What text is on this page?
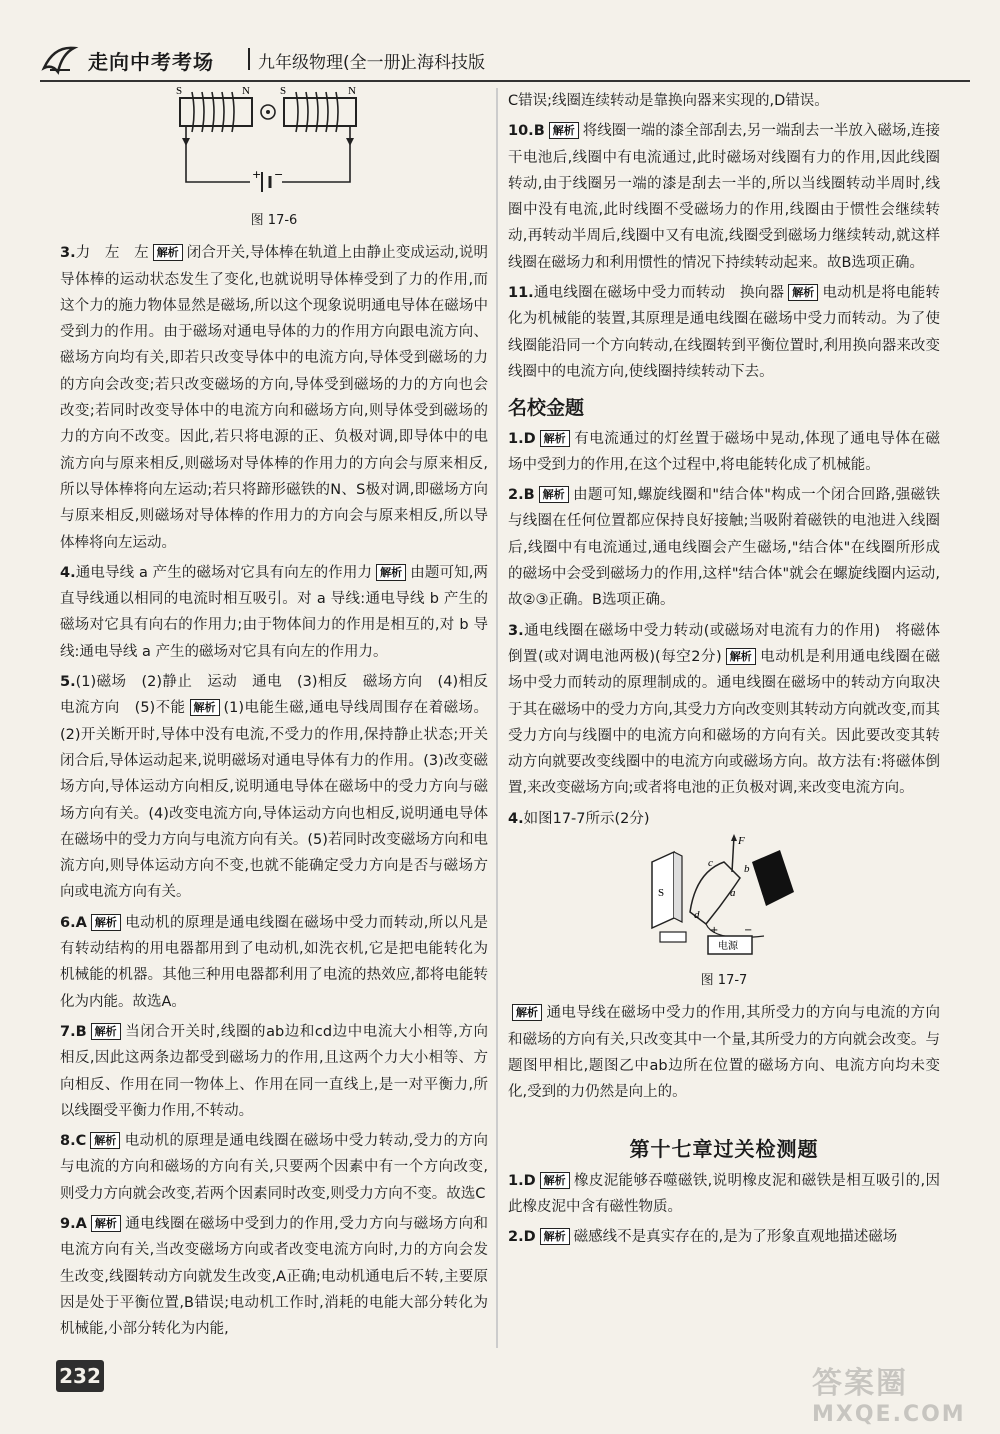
走向中考考场	九年级物理(全一册)
上海科技版
S	N	S	N
+ −
图 17-6

3.力　左　左 解析 闭合开关,导体棒在轨道上由静止变成运动,说明导体棒的运动状态发生了变化,也就说明导体棒受到了力的作用,而这个力的施力物体显然是磁场,所以这个现象说明通电导体在磁场中受到力的作用。由于磁场对通电导体的力的作用方向跟电流方向、磁场方向均有关,即若只改变导体中的电流方向,导体受到磁场的力的方向会改变;若只改变磁场的方向,导体受到磁场的力的方向也会改变;若同时改变导体中的电流方向和磁场方向,则导体受到磁场的力的方向不改变。因此,若只将电源的正、负极对调,即导体中的电流方向与原来相反,则磁场对导体棒的作用力的方向会与原来相反,所以导体棒将向左运动;若只将蹄形磁铁的N、S极对调,即磁场方向与原来相反,则磁场对导体棒的作用力的方向会与原来相反,所以导体棒将向左运动。

4.通电导线 a 产生的磁场对它具有向左的作用力 解析 由题可知,两直导线通以相同的电流时相互吸引。对 a 导线:通电导线 b 产生的磁场对它具有向右的作用力;由于物体间力的作用是相互的,对 b 导线:通电导线 a 产生的磁场对它具有向左的作用力。

5.(1)磁场　(2)静止　运动　通电　(3)相反　磁场方向　(4)相反　电流方向　(5)不能 解析 (1)电能生磁,通电导线周围存在着磁场。(2)开关断开时,导体中没有电流,不受力的作用,保持静止状态;开关闭合后,导体运动起来,说明磁场对通电导体有力的作用。(3)改变磁场方向,导体运动方向相反,说明通电导体在磁场中的受力方向与磁场方向有关。(4)改变电流方向,导体运动方向也相反,说明通电导体在磁场中的受力方向与电流方向有关。(5)若同时改变磁场方向和电流方向,则导体运动方向不变,也就不能确定受力方向是否与磁场方向或电流方向有关。

6.A 解析 电动机的原理是通电线圈在磁场中受力而转动,所以凡是有转动结构的用电器都用到了电动机,如洗衣机,它是把电能转化为机械能的机器。其他三种用电器都利用了电流的热效应,都将电能转化为内能。故选A。

7.B 解析 当闭合开关时,线圈的ab边和cd边中电流大小相等,方向相反,因此这两条边都受到磁场力的作用,且这两个力大小相等、方向相反、作用在同一物体上、作用在同一直线上,是一对平衡力,所以线圈受平衡力作用,不转动。

8.C 解析 电动机的原理是通电线圈在磁场中受力转动,受力的方向与电流的方向和磁场的方向有关,只要两个因素中有一个方向改变,则受力方向就会改变,若两个因素同时改变,则受力方向不变。故选C

9.A 解析 通电线圈在磁场中受到力的作用,受力方向与磁场方向和电流方向有关,当改变磁场方向或者改变电流方向时,力的方向会发生改变,线圈转动方向就发生改变,A正确;电动机通电后不转,主要原因是处于平衡位置,B错误;电动机工作时,消耗的电能大部分转化为机械能,小部分转化为内能,

C错误;线圈连续转动是靠换向器来实现的,D错误。

10.B 解析 将线圈一端的漆全部刮去,另一端刮去一半放入磁场,连接干电池后,线圈中有电流通过,此时磁场对线圈有力的作用,因此线圈转动,由于线圈另一端的漆是刮去一半的,所以当线圈转动半周时,线圈中没有电流,此时线圈不受磁场力的作用,线圈由于惯性会继续转动,再转动半周后,线圈中又有电流,线圈受到磁场力继续转动,就这样线圈在磁场力和利用惯性的情况下持续转动起来。故B选项正确。

11.通电线圈在磁场中受力而转动　换向器 解析 电动机是将电能转化为机械能的装置,其原理是通电线圈在磁场中受力而转动。为了使线圈能沿同一个方向转动,在线圈转到平衡位置时,利用换向器来改变线圈中的电流方向,使线圈持续转动下去。

名校金题

1.D 解析 有电流通过的灯丝置于磁场中晃动,体现了通电导体在磁场中受到力的作用,在这个过程中,将电能转化成了机械能。

2.B 解析 由题可知,螺旋线圈和"结合体"构成一个闭合回路,强磁铁与线圈在任何位置都应保持良好接触;当吸附着磁铁的电池进入线圈后,线圈中有电流通过,通电线圈会产生磁场,"结合体"在线圈所形成的磁场中会受到磁场力的作用,这样"结合体"就会在螺旋线圈内运动,故②③正确。B选项正确。

3.通电线圈在磁场中受力转动(或磁场对电流有力的作用)　将磁体倒置(或对调电池两极)(每空2分) 解析 电动机是利用通电线圈在磁场中受力而转动的原理制成的。通电线圈在磁场中的转动方向取决于其在磁场中的受力方向,其受力方向改变则其转动方向就改变,而其受力方向与线圈中的电流方向和磁场的方向有关。因此要改变其转动方向就要改变线圈中的电流方向或磁场方向。故方法有:将磁体倒置,来改变磁场方向;或者将电池的正负极对调,来改变电流方向。

4.如图17-7所示(2分)

F
b
c
a
d
S
电源
+	−
图 17-7

解析 通电导线在磁场中受力的作用,其所受力的方向与电流的方向和磁场的方向有关,只改变其中一个量,其所受力的方向就会改变。与题图甲相比,题图乙中ab边所在位置的磁场方向、电流方向均未变化,受到的力仍然是向上的。

第十七章过关检测题

1.D 解析 橡皮泥能够吞噬磁铁,说明橡皮泥和磁铁是相互吸引的,因此橡皮泥中含有磁性物质。

2.D 解析 磁感线不是真实存在的,是为了形象直观地描述磁场

232	答案圈
MXQE.COM
